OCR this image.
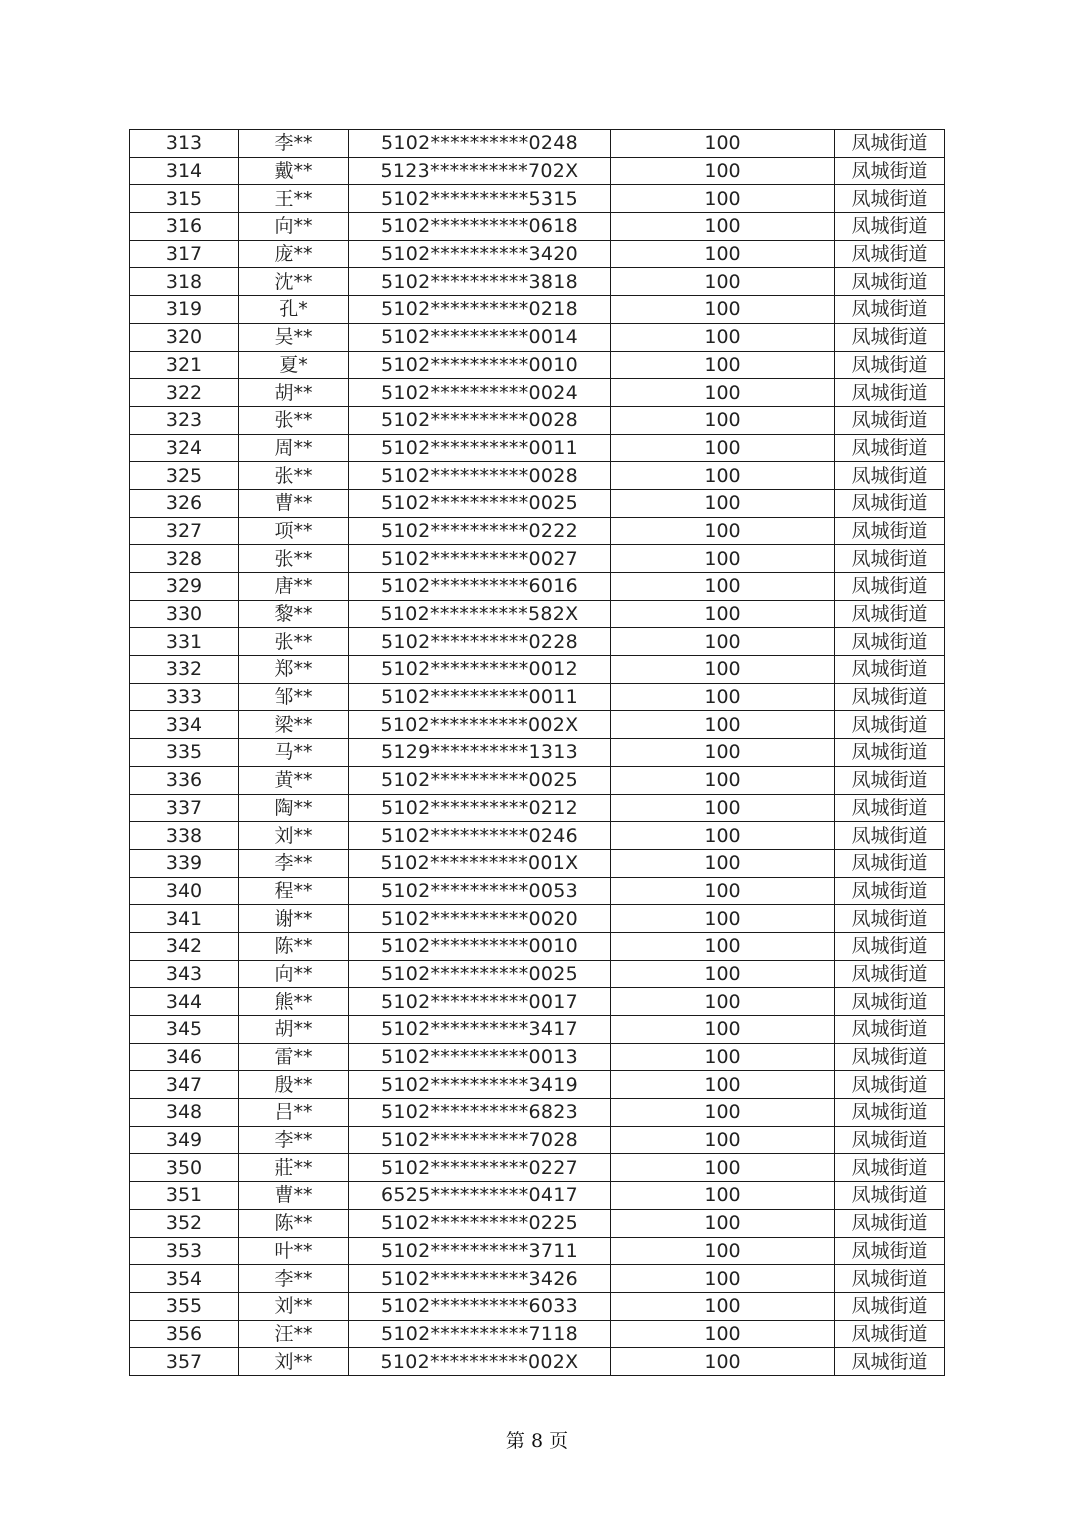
313	李**	5102**********0248	100	凤城街道
314	戴**	5123**********702X	100	凤城街道
315	王**	5102**********5315	100	凤城街道
316	向**	5102**********0618	100	凤城街道
317	庞**	5102**********3420	100	凤城街道
318	沈**	5102**********3818	100	凤城街道
319	孔*	5102**********0218	100	凤城街道
320	吴**	5102**********0014	100	凤城街道
321	夏*	5102**********0010	100	凤城街道
322	胡**	5102**********0024	100	凤城街道
323	张**	5102**********0028	100	凤城街道
324	周**	5102**********0011	100	凤城街道
325	张**	5102**********0028	100	凤城街道
326	曹**	5102**********0025	100	凤城街道
327	项**	5102**********0222	100	凤城街道
328	张**	5102**********0027	100	凤城街道
329	唐**	5102**********6016	100	凤城街道
330	黎**	5102**********582X	100	凤城街道
331	张**	5102**********0228	100	凤城街道
332	郑**	5102**********0012	100	凤城街道
333	邹**	5102**********0011	100	凤城街道
334	梁**	5102**********002X	100	凤城街道
335	马**	5129**********1313	100	凤城街道
336	黄**	5102**********0025	100	凤城街道
337	陶**	5102**********0212	100	凤城街道
338	刘**	5102**********0246	100	凤城街道
339	李**	5102**********001X	100	凤城街道
340	程**	5102**********0053	100	凤城街道
341	谢**	5102**********0020	100	凤城街道
342	陈**	5102**********0010	100	凤城街道
343	向**	5102**********0025	100	凤城街道
344	熊**	5102**********0017	100	凤城街道
345	胡**	5102**********3417	100	凤城街道
346	雷**	5102**********0013	100	凤城街道
347	殷**	5102**********3419	100	凤城街道
348	吕**	5102**********6823	100	凤城街道
349	李**	5102**********7028	100	凤城街道
350	莊**	5102**********0227	100	凤城街道
351	曹**	6525**********0417	100	凤城街道
352	陈**	5102**********0225	100	凤城街道
353	叶**	5102**********3711	100	凤城街道
354	李**	5102**********3426	100	凤城街道
355	刘**	5102**********6033	100	凤城街道
356	汪**	5102**********7118	100	凤城街道
357	刘**	5102**********002X	100	凤城街道
第 8 页
